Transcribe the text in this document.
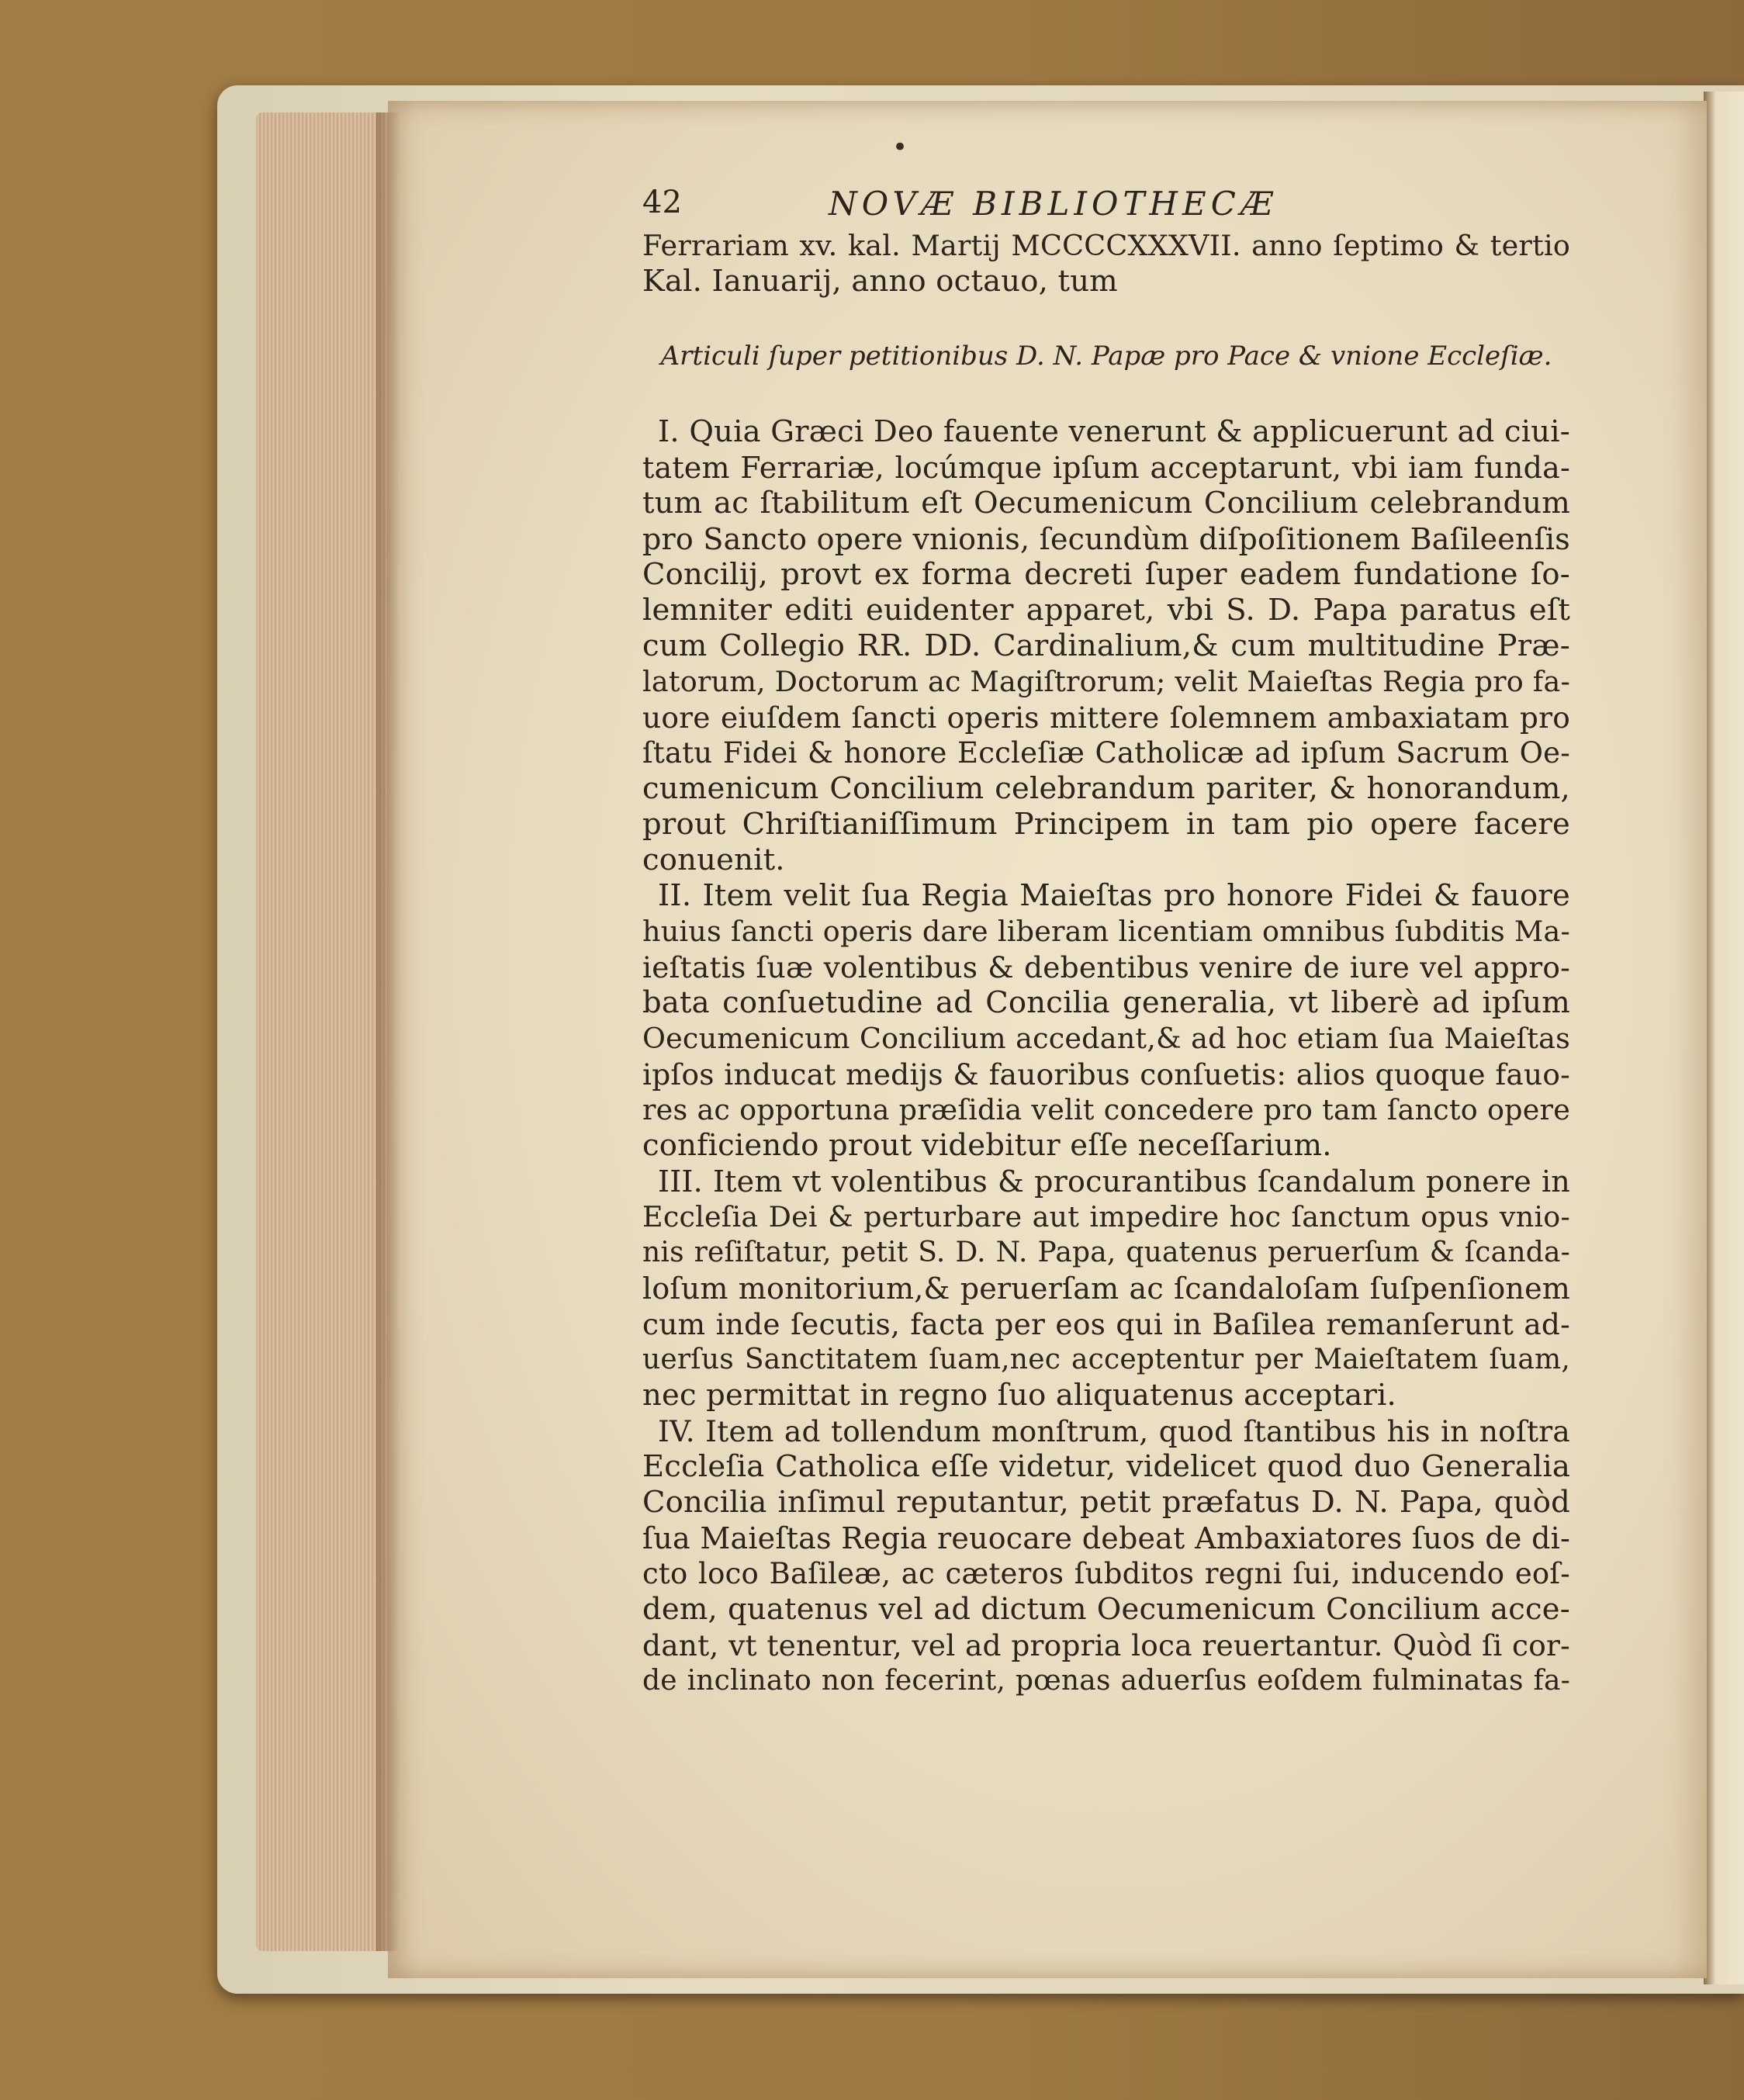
•
42	NOVÆ BIBLIOTHECÆ
Ferrariam xv. kal. Martij MCCCCXXXVII. anno ſeptimo & tertio
Kal. Ianuarij, anno octauo, tum
Articuli ſuper petitionibus D. N. Papæ pro Pace & vnione Eccleſiæ.
I. Quia Græci Deo fauente venerunt & applicuerunt ad ciui-
tatem Ferrariæ, locúmque ipſum acceptarunt, vbi iam funda-
tum ac ſtabilitum eſt Oecumenicum Concilium celebrandum
pro Sancto opere vnionis, ſecundùm diſpoſitionem Baſileenſis
Concilij, provt ex forma decreti ſuper eadem fundatione ſo-
lemniter editi euidenter apparet, vbi S. D. Papa paratus eſt
cum Collegio RR. DD. Cardinalium,& cum multitudine Præ-
latorum, Doctorum ac Magiſtrorum; velit Maieſtas Regia pro fa-
uore eiuſdem ſancti operis mittere ſolemnem ambaxiatam pro
ſtatu Fidei & honore Eccleſiæ Catholicæ ad ipſum Sacrum Oe-
cumenicum Concilium celebrandum pariter, & honorandum,
prout Chriſtianiſſimum Principem in tam pio opere facere
conuenit.
II. Item velit ſua Regia Maieſtas pro honore Fidei & fauore
huius ſancti operis dare liberam licentiam omnibus ſubditis Ma-
ieſtatis ſuæ volentibus & debentibus venire de iure vel appro-
bata conſuetudine ad Concilia generalia, vt liberè ad ipſum
Oecumenicum Concilium accedant,& ad hoc etiam ſua Maieſtas
ipſos inducat medijs & fauoribus conſuetis: alios quoque fauo-
res ac opportuna præſidia velit concedere pro tam ſancto opere
conficiendo prout videbitur eſſe neceſſarium.
III. Item vt volentibus & procurantibus ſcandalum ponere in
Eccleſia Dei & perturbare aut impedire hoc ſanctum opus vnio-
nis reſiſtatur, petit S. D. N. Papa, quatenus peruerſum & ſcanda-
loſum monitorium,& peruerſam ac ſcandaloſam ſuſpenſionem
cum inde ſecutis, facta per eos qui in Baſilea remanſerunt ad-
uerſus Sanctitatem ſuam,nec acceptentur per Maieſtatem ſuam,
nec permittat in regno ſuo aliquatenus acceptari.
IV. Item ad tollendum monſtrum, quod ſtantibus his in noſtra
Eccleſia Catholica eſſe videtur, videlicet quod duo Generalia
Concilia inſimul reputantur, petit præfatus D. N. Papa, quòd
ſua Maieſtas Regia reuocare debeat Ambaxiatores ſuos de di-
cto loco Baſileæ, ac cæteros ſubditos regni ſui, inducendo eoſ-
dem, quatenus vel ad dictum Oecumenicum Concilium acce-
dant, vt tenentur, vel ad propria loca reuertantur. Quòd ſi cor-
de inclinato non fecerint, pœnas aduerſus eoſdem fulminatas fa-
